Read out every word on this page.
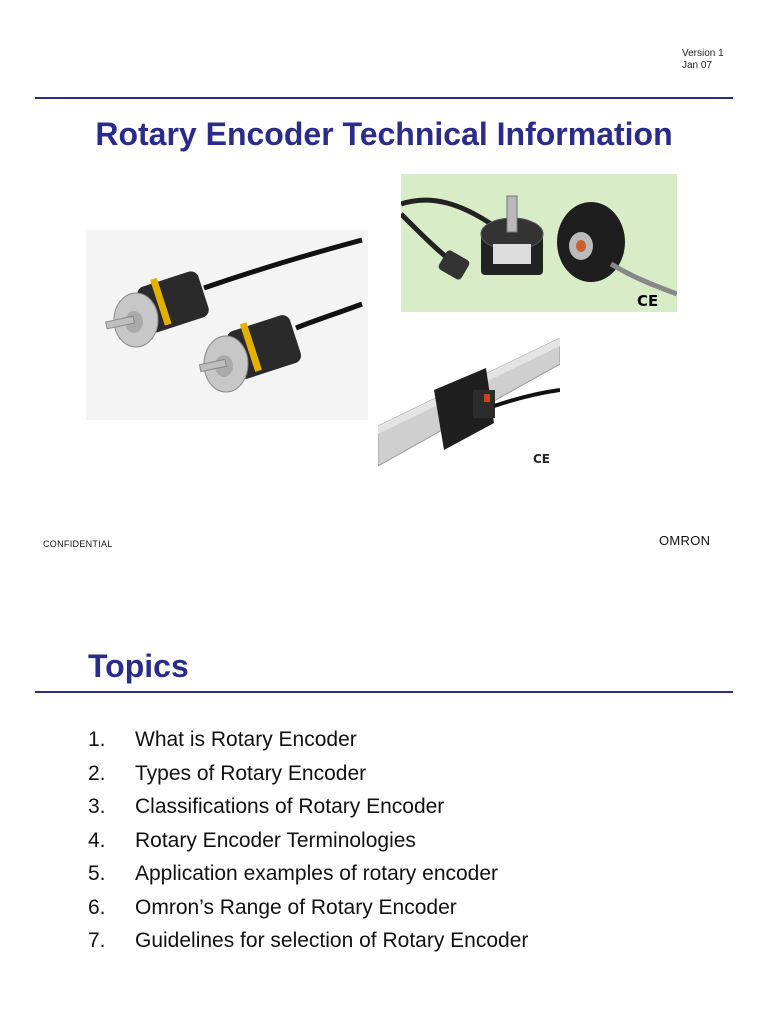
Version 1
Jan 07
Rotary Encoder Technical Information
CE
CE
CONFIDENTIAL	OMRON
Topics
1. What is Rotary Encoder
2. Types of Rotary Encoder
3. Classifications of Rotary Encoder
4. Rotary Encoder Terminologies
5. Application examples of rotary encoder
6. Omron’s Range of Rotary Encoder
7. Guidelines for selection of Rotary Encoder
